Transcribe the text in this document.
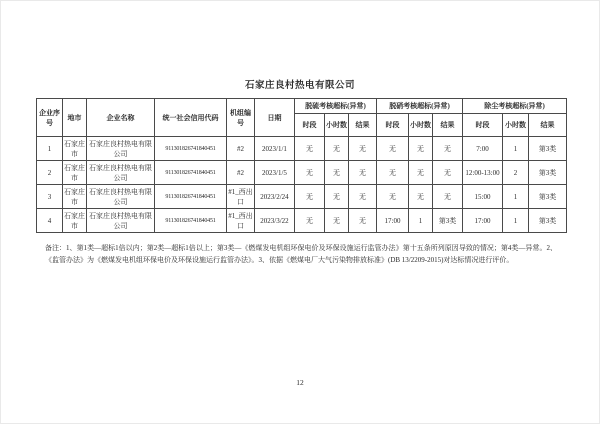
石家庄良村热电有限公司
企业序号	地市	企业名称	统一社会信用代码	机组编号	日期	脱硫考核超标(异常)			脱硝考核超标(异常)			除尘考核超标(异常)		
						时段	小时数	结果	时段	小时数	结果	时段	小时数	结果
1	石家庄市	石家庄良村热电有限公司	911301826741840451	#2	2023/1/1	无	无	无	无	无	无	7:00	1	第3类
2	石家庄市	石家庄良村热电有限公司	911301826741840451	#2	2023/1/5	无	无	无	无	无	无	12:00-13:00	2	第3类
3	石家庄市	石家庄良村热电有限公司	911301826741840451	#1_西出口	2023/2/24	无	无	无	无	无	无	15:00	1	第3类
4	石家庄市	石家庄良村热电有限公司	911301826741840451	#1_西出口	2023/3/22	无	无	无	17:00	1	第3类	17:00	1	第3类

备注：1、第1类—超标1倍以内；第2类—超标1倍以上；第3类—《燃煤发电机组环保电价及环保设施运行监管办法》第十五条所列原因导致的情况；第4类—异常。2、《监管办法》为《燃煤发电机组环保电价及环保设施运行监管办法》。3、依据《燃煤电厂大气污染物排放标准》(DB 13/2209-2015)对达标情况进行评价。

12
